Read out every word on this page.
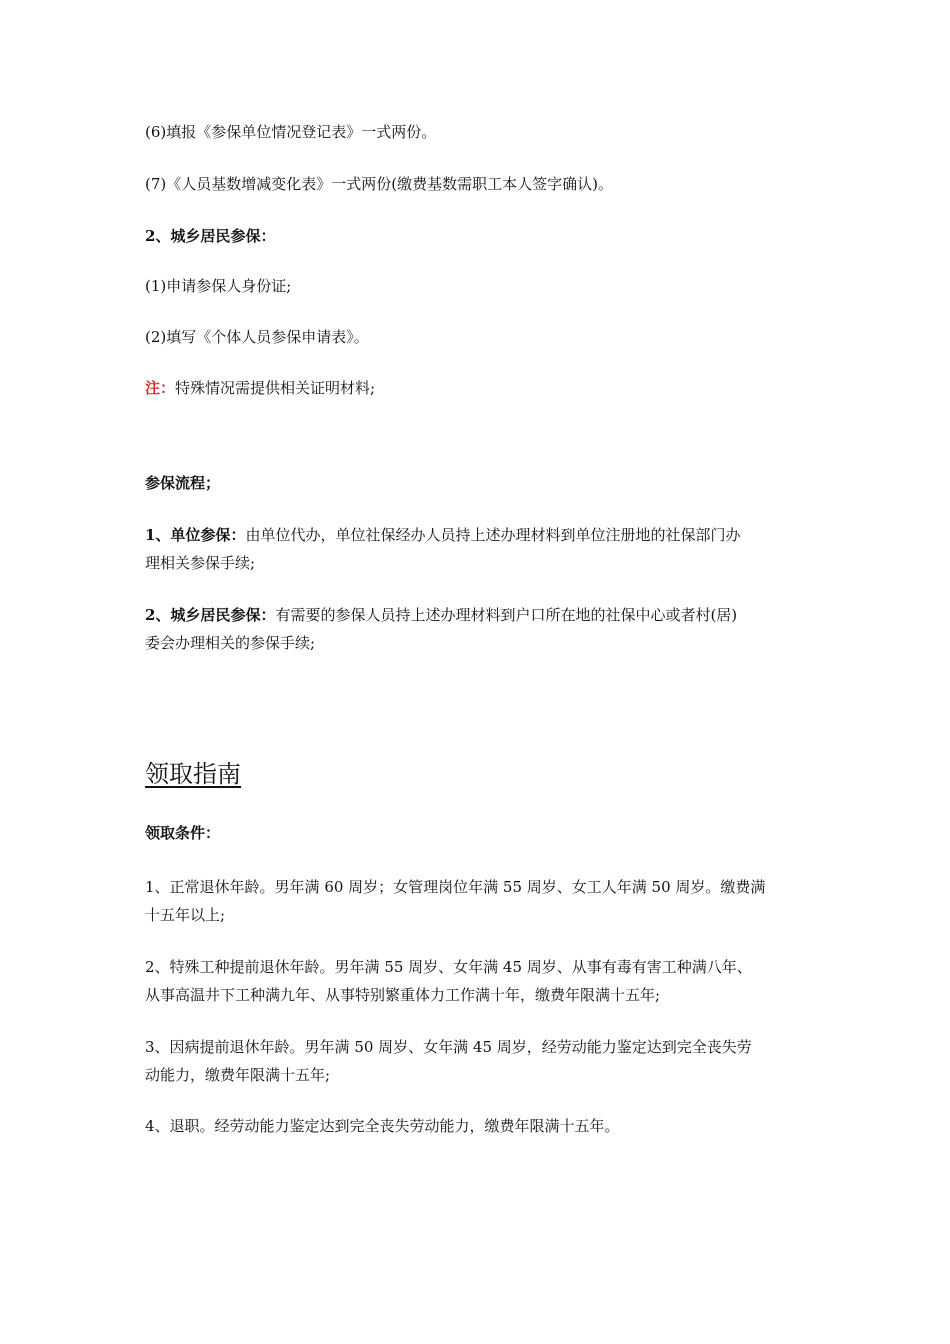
(6)填报《参保单位情况登记表》一式两份。
(7)《人员基数增减变化表》一式两份(缴费基数需职工本人签字确认)。
2、城乡居民参保：
(1)申请参保人身份证;
(2)填写《个体人员参保申请表》。
注：特殊情况需提供相关证明材料;
参保流程；
1、单位参保：由单位代办，单位社保经办人员持上述办理材料到单位注册地的社保部门办
理相关参保手续;
2、城乡居民参保：有需要的参保人员持上述办理材料到户口所在地的社保中心或者村(居)
委会办理相关的参保手续;
领取指南
领取条件：
1、正常退休年龄。男年满 60 周岁；女管理岗位年满 55 周岁、女工人年满 50 周岁。缴费满
十五年以上;
2、特殊工种提前退休年龄。男年满 55 周岁、女年满 45 周岁、从事有毒有害工种满八年、
从事高温井下工种满九年、从事特别繁重体力工作满十年，缴费年限满十五年;
3、因病提前退休年龄。男年满 50 周岁、女年满 45 周岁，经劳动能力鉴定达到完全丧失劳
动能力，缴费年限满十五年;
4、退职。经劳动能力鉴定达到完全丧失劳动能力，缴费年限满十五年。
